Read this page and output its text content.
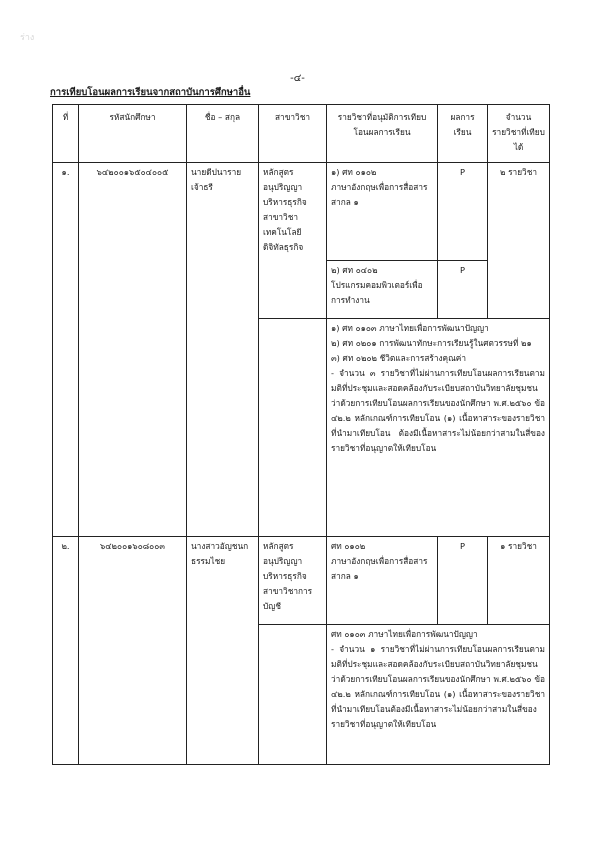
ร่าง
-๔-
การเทียบโอนผลการเรียนจากสถาบันการศึกษาอื่น
ที่	รหัสนักศึกษา	ชื่อ – สกุล	สาขาวิชา	รายวิชาที่อนุมัติการเทียบโอนผลการเรียน	ผลการเรียน	จำนวนรายวิชาที่เทียบได้
๑.	๖๔๒๐๐๑๖๕๐๔๐๐๕	นายดีปนาราย เจ้าธรี	หลักสูตรอนุปริญญาบริหารธุรกิจ สาขาวิชาเทคโนโลยีดิจิทัลธุรกิจ	๑) ศท ๐๑๐๒
ภาษาอังกฤษเพื่อการสื่อสารสากล ๑	P	๒ รายวิชา

				๒) ศท ๐๔๐๒
โปรแกรมคอมพิวเตอร์เพื่อการทำงาน	P	

				๑) ศท ๐๑๐๓ ภาษาไทยเพื่อการพัฒนาปัญญา
๒) ศท ๐๒๐๑ การพัฒนาทักษะการเรียนรู้ในศตวรรษที่ ๒๑
๓) ศท ๐๒๐๒ ชีวิตและการสร้างคุณค่า
- จำนวน ๓ รายวิชาที่ไม่ผ่านการเทียบโอนผลการเรียนตามมติที่ประชุมและสอดคล้องกับระเบียบสถาบันวิทยาลัยชุมชน ว่าด้วยการเทียบโอนผลการเรียนของนักศึกษา พ.ศ.๒๕๖๐ ข้อ ๔๒.๒ หลักเกณฑ์การเทียบโอน (๑) เนื้อหาสาระของรายวิชาที่นำมาเทียบโอน ต้องมีเนื้อหาสาระไม่น้อยกว่าสามในสี่ของรายวิชาที่อนุญาตให้เทียบโอน		

๒.	๖๔๒๐๐๑๖๐๘๐๐๓	นางสาวอัญชนก ธรรมไชย	หลักสูตรอนุปริญญาบริหารธุรกิจ สาขาวิชาการบัญชี	ศท ๐๑๐๒
ภาษาอังกฤษเพื่อการสื่อสารสากล ๑	P	๑ รายวิชา

				ศท ๐๑๐๓ ภาษาไทยเพื่อการพัฒนาปัญญา
- จำนวน ๑ รายวิชาที่ไม่ผ่านการเทียบโอนผลการเรียนตามมติที่ประชุมและสอดคล้องกับระเบียบสถาบันวิทยาลัยชุมชน ว่าด้วยการเทียบโอนผลการเรียนของนักศึกษา พ.ศ.๒๕๖๐ ข้อ ๔๒.๒ หลักเกณฑ์การเทียบโอน (๑) เนื้อหาสาระของรายวิชาที่นำมาเทียบโอนต้องมีเนื้อหาสาระไม่น้อยกว่าสามในสี่ของรายวิชาที่อนุญาตให้เทียบโอน		
